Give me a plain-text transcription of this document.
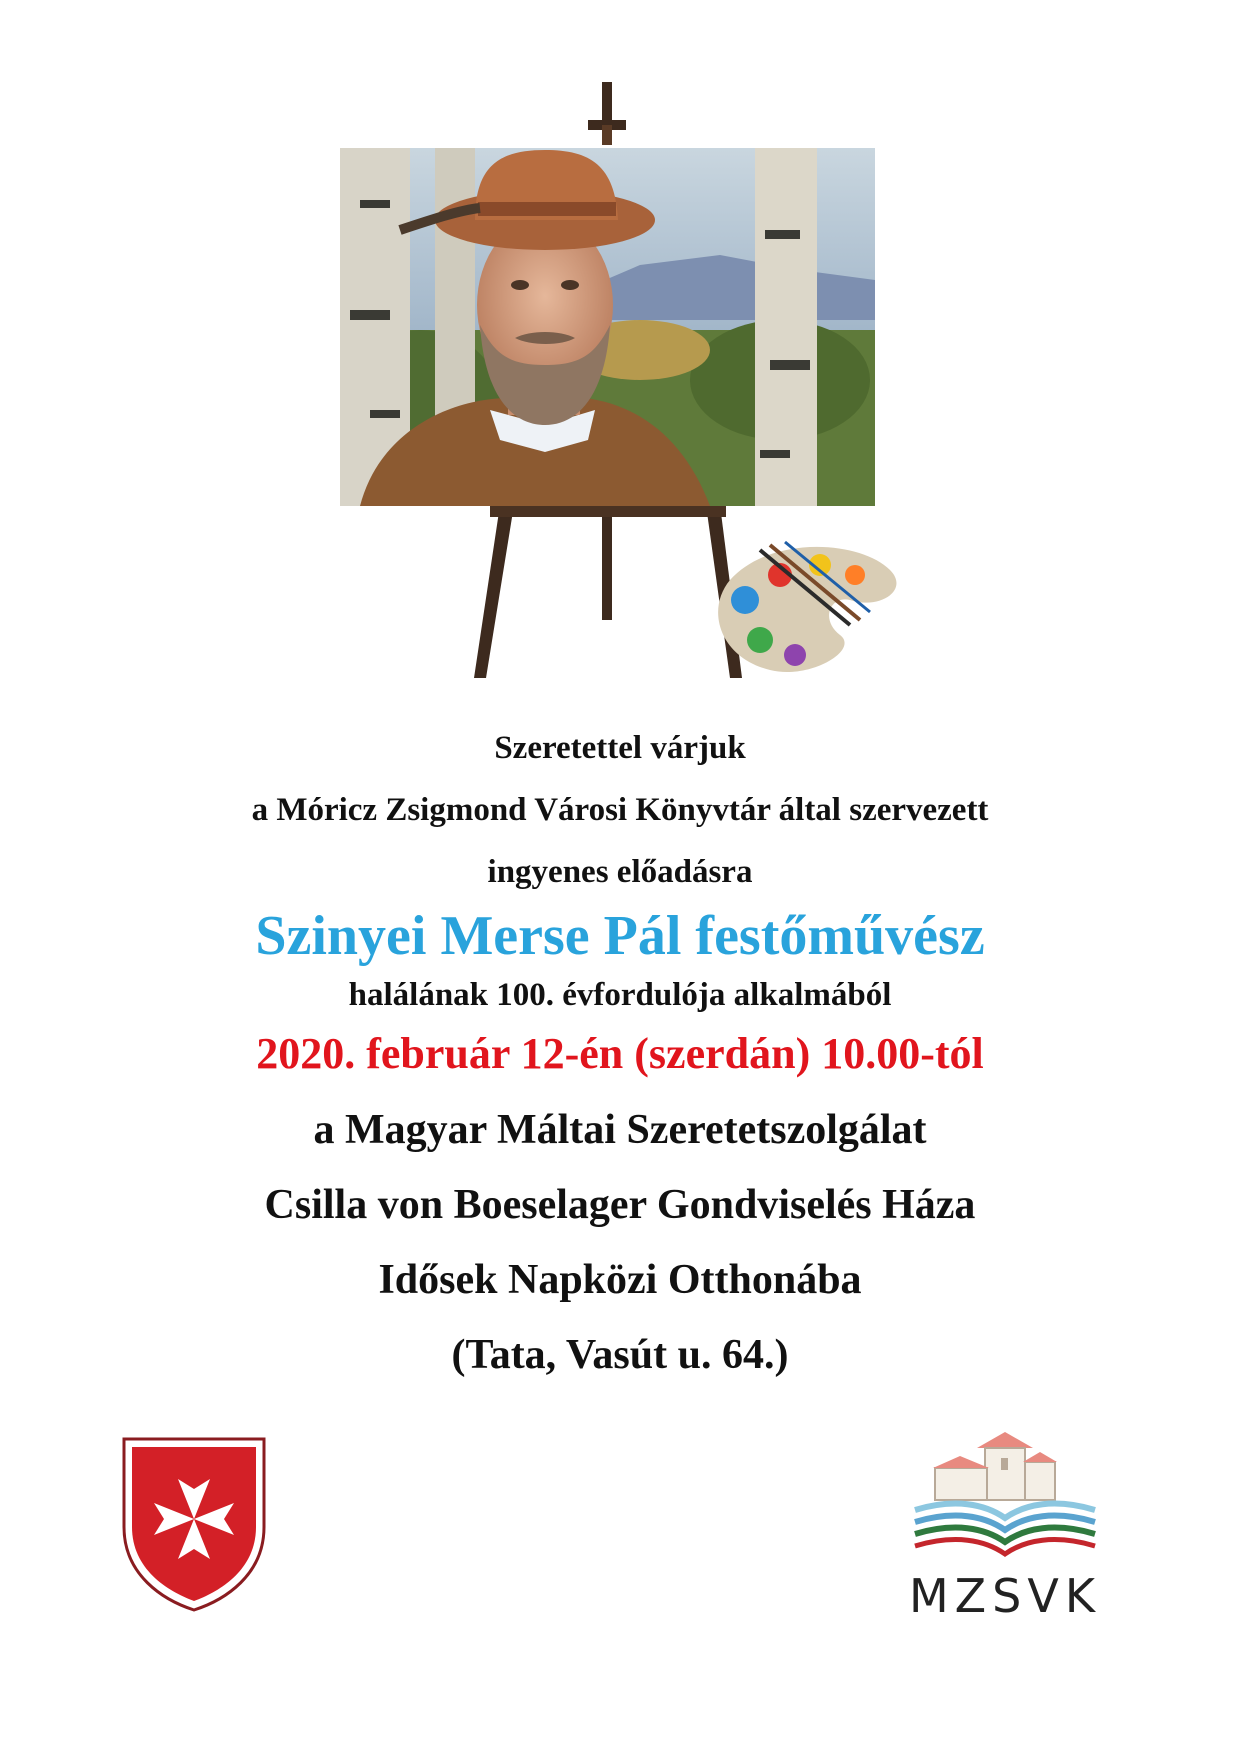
Szeretettel várjuk
a Móricz Zsigmond Városi Könyvtár által szervezett
ingyenes előadásra
Szinyei Merse Pál festőművész
halálának 100. évfordulója alkalmából
2020. február 12-én (szerdán) 10.00-tól
a Magyar Máltai Szeretetszolgálat
Csilla von Boeselager Gondviselés Háza
Idősek Napközi Otthonába
(Tata, Vasút u. 64.)
MZSVK
